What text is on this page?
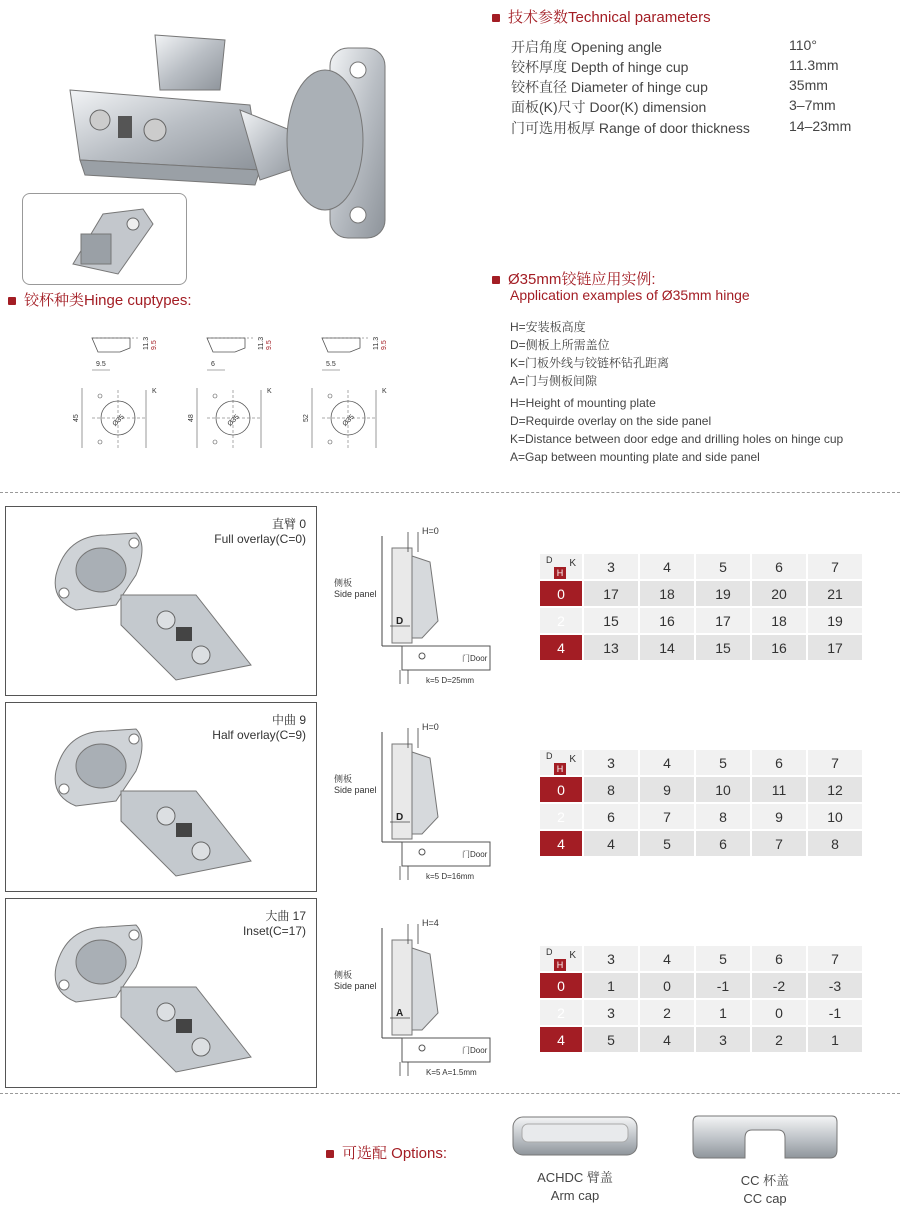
技术参数Technical parameters
开启角度 Opening angle	110°
铰杯厚度 Depth of hinge cup	11.3mm
铰杯直径 Diameter of hinge cup	35mm
面板(K)尺寸 Door(K) dimension	3–7mm
门可选用板厚 Range of door thickness	14–23mm
铰杯种类Hinge cuptypes:
11.3 9.5
9.5
45	Ø35
K
11.3 9.5
6
48	Ø35
K
11.3 9.5
5.5
52	Ø35
K
Ø35mm铰链应用实例:
Application examples of Ø35mm hinge
H=安装板高度
D=侧板上所需盖位
K=门板外线与铰链杯钻孔距离
A=门与侧板间隙
H=Height of mounting plate
D=Requirde overlay on the side panel
K=Distance between door edge and drilling holes on hinge cup
A=Gap between mounting plate and side panel
直臂 0
Full overlay(C=0)
H=0
侧板
Side panel
D
门Door
k=5 D=25mm
D K
H	3	4	5	6	7
0	17	18	19	20	21
2	15	16	17	18	19
4	13	14	15	16	17
中曲 9
Half overlay(C=9)
H=0
侧板
Side panel
D
门Door
k=5 D=16mm
D K
H	3	4	5	6	7
0	8	9	10	11	12
2	6	7	8	9	10
4	4	5	6	7	8
大曲 17
Inset(C=17)
H=4
侧板
Side panel
A
门Door
K=5 A=1.5mm
D K
H	3	4	5	6	7
0	1	0	-1	-2	-3
2	3	2	1	0	-1
4	5	4	3	2	1
可选配 Options:
ACHDC 臂盖
Arm cap
CC 杯盖
CC cap
